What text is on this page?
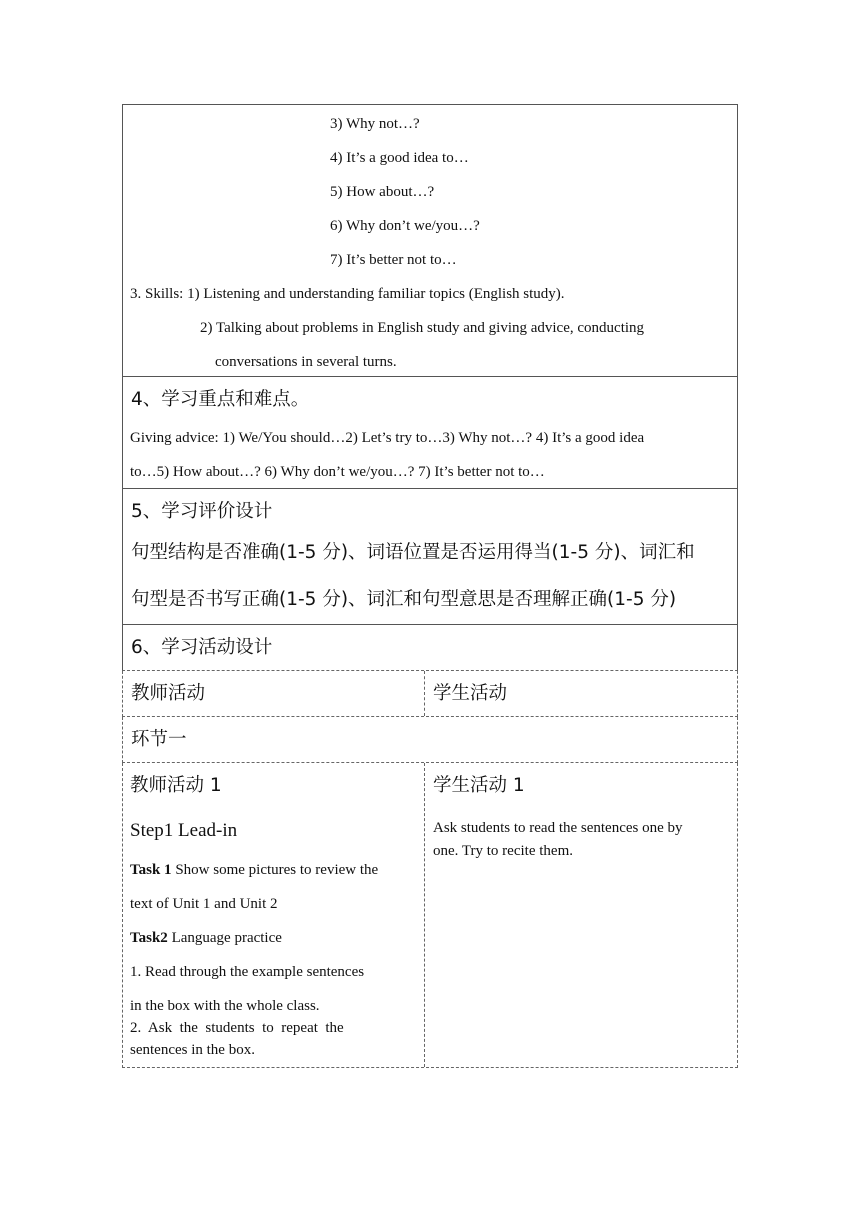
3) Why not…?
4) It’s a good idea to…
5) How about…?
6) Why don’t we/you…?
7) It’s better not to…
3. Skills: 1) Listening and understanding familiar topics (English study).
2) Talking about problems in English study and giving advice, conducting
conversations in several turns.
4、学习重点和难点。
Giving advice: 1) We/You should…2) Let’s try to…3) Why not…? 4) It’s a good idea
to…5) How about…? 6) Why don’t we/you…? 7) It’s better not to…
5、学习评价设计
句型结构是否准确(1-5 分)、词语位置是否运用得当(1-5 分)、词汇和
句型是否书写正确(1-5 分)、词汇和句型意思是否理解正确(1-5 分)
6、学习活动设计
教师活动	学生活动
环节一
教师活动 1
Step1 Lead-in
Task 1 Show some pictures to review the
text of Unit 1 and Unit 2
Task2 Language practice
1. Read through the example sentences
in the box with the whole class.
2.  Ask  the  students  to  repeat  the
sentences in the box.
学生活动 1
Ask students to read the sentences one by
one. Try to recite them.
